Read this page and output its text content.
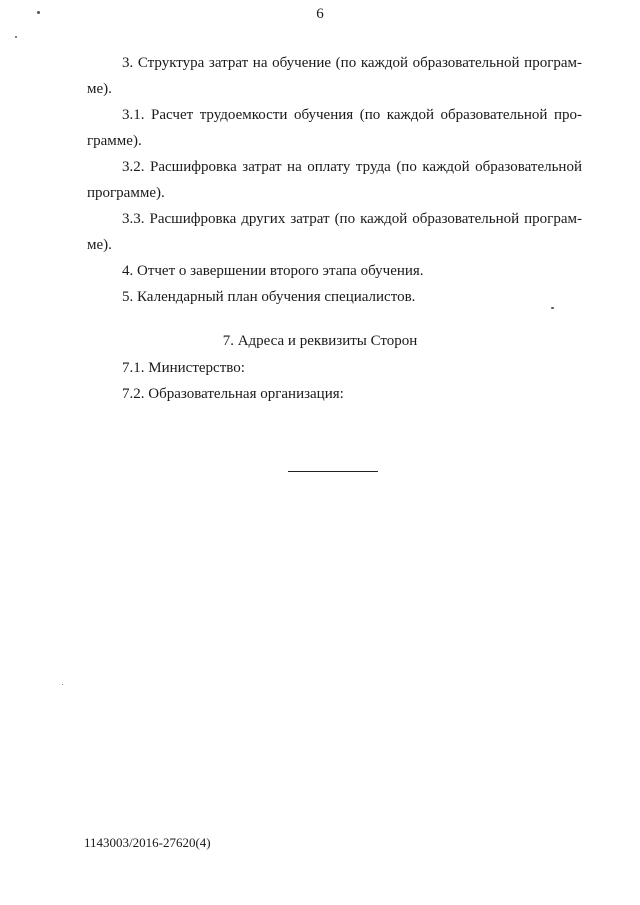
6

3. Структура затрат на обучение (по каждой образовательной программе).

3.1. Расчет трудоемкости обучения (по каждой образовательной программе).

3.2. Расшифровка затрат на оплату труда (по каждой образовательной программе).

3.3. Расшифровка других затрат (по каждой образовательной программе).

4. Отчет о завершении второго этапа обучения.

5. Календарный план обучения специалистов.

7. Адреса и реквизиты Сторон
7.1. Министерство:
7.2. Образовательная организация:
1143003/2016-27620(4)
